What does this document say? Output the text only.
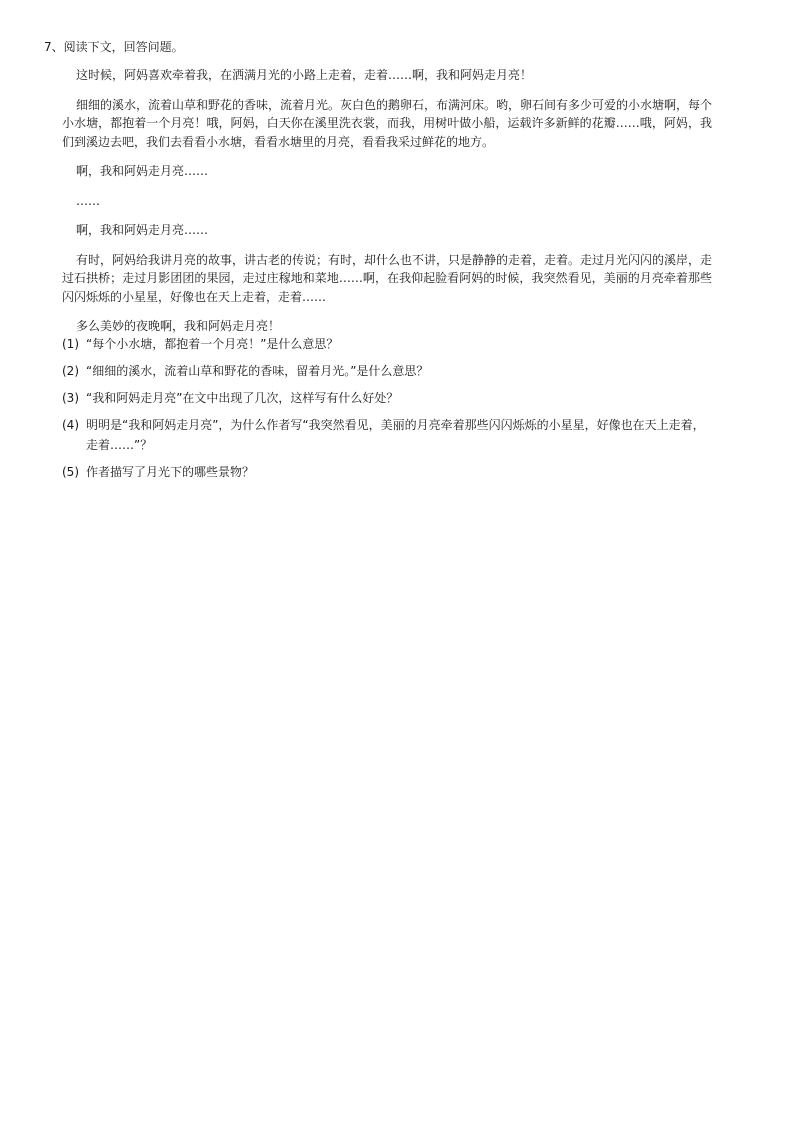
7、阅读下文，回答问题。

这时候，阿妈喜欢牵着我，在洒满月光的小路上走着，走着……啊，我和阿妈走月亮！

细细的溪水，流着山草和野花的香味，流着月光。灰白色的鹅卵石，布满河床。哟，卵石间有多少可爱的小水塘啊，每个小水塘，都抱着一个月亮！哦，阿妈，白天你在溪里洗衣裳，而我，用树叶做小船，运载许多新鲜的花瓣……哦，阿妈，我们到溪边去吧，我们去看看小水塘，看看水塘里的月亮，看看我采过鲜花的地方。

啊，我和阿妈走月亮……

……

啊，我和阿妈走月亮……

有时，阿妈给我讲月亮的故事，讲古老的传说；有时，却什么也不讲，只是静静的走着，走着。走过月光闪闪的溪岸，走过石拱桥；走过月影团团的果园，走过庄稼地和菜地……啊，在我仰起脸看阿妈的时候，我突然看见，美丽的月亮牵着那些闪闪烁烁的小星星，好像也在天上走着，走着……

多么美妙的夜晚啊，我和阿妈走月亮！

(1) “每个小水塘，都抱着一个月亮！”是什么意思？
(2) “细细的溪水，流着山草和野花的香味，留着月光。”是什么意思？
(3) “我和阿妈走月亮”在文中出现了几次，这样写有什么好处？
(4) 明明是“我和阿妈走月亮”，为什么作者写“我突然看见，美丽的月亮牵着那些闪闪烁烁的小星星，好像也在天上走着，走着……”？
(5) 作者描写了月光下的哪些景物？
